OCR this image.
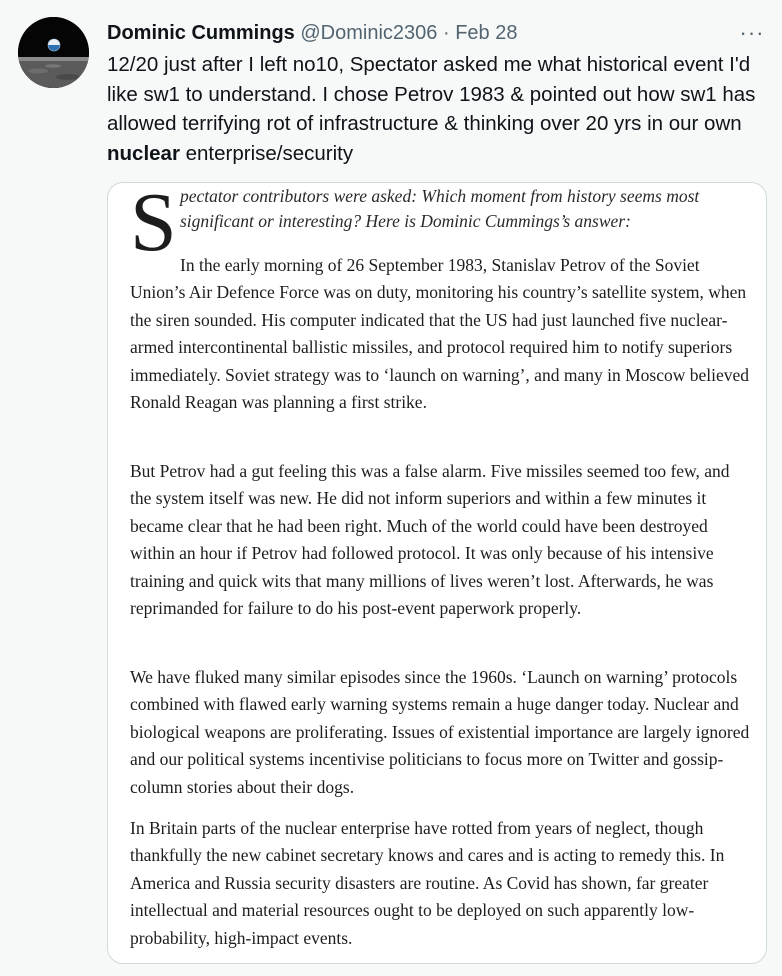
Dominic Cummings @Dominic2306 · Feb 28	···
12/20 just after I left no10, Spectator asked me what historical event I'd like sw1 to understand. I chose Petrov 1983 & pointed out how sw1 has allowed terrifying rot of infrastructure & thinking over 20 yrs in our own nuclear enterprise/security
S pectator contributors were asked: Which moment from history seems most significant or interesting? Here is Dominic Cummings’s answer:

In the early morning of 26 September 1983, Stanislav Petrov of the Soviet Union’s Air Defence Force was on duty, monitoring his country’s satellite system, when the siren sounded. His computer indicated that the US had just launched five nuclear-armed intercontinental ballistic missiles, and protocol required him to notify superiors immediately. Soviet strategy was to ‘launch on warning’, and many in Moscow believed Ronald Reagan was planning a first strike.

But Petrov had a gut feeling this was a false alarm. Five missiles seemed too few, and the system itself was new. He did not inform superiors and within a few minutes it became clear that he had been right. Much of the world could have been destroyed within an hour if Petrov had followed protocol. It was only because of his intensive training and quick wits that many millions of lives weren’t lost. Afterwards, he was reprimanded for failure to do his post-event paperwork properly.

We have fluked many similar episodes since the 1960s. ‘Launch on warning’ protocols combined with flawed early warning systems remain a huge danger today. Nuclear and biological weapons are proliferating. Issues of existential importance are largely ignored and our political systems incentivise politicians to focus more on Twitter and gossip-column stories about their dogs.

In Britain parts of the nuclear enterprise have rotted from years of neglect, though thankfully the new cabinet secretary knows and cares and is acting to remedy this. In America and Russia security disasters are routine. As Covid has shown, far greater intellectual and material resources ought to be deployed on such apparently low-probability, high-impact events.
